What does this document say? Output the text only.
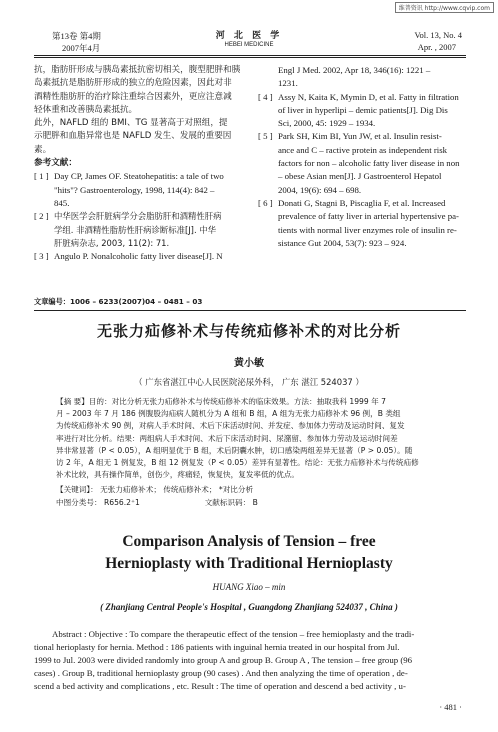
维普资讯 http://www.cqvip.com
第13卷 第4期
2007年4月
河 北 医 学
HEBEI MEDICINE
Vol. 13, No. 4
Apr. , 2007
抗，脂肪肝形成与胰岛素抵抗密切相关，腹型肥胖和胰
岛素抵抗是脂肪肝形成的独立的危险因素，因此对非
酒精性脂肪肝的治疗除注重综合因素外，更应注意减
轻体重和改善胰岛素抵抗。
此外，NAFLD 组的 BMI、TG 显著高于对照组，提
示肥胖和血脂异常也是 NAFLD 发生、发展的重要因
素。
参考文献：
[ 1 ] Day CP, James OF. Steatohepatitis: a tale of two
"hits"? Gastroenterology, 1998, 114(4): 842 –
845.
[ 2 ] 中华医学会肝脏病学分会脂肪肝和酒精性肝病
学组. 非酒精性脂肪性肝病诊断标准[J]. 中华
肝脏病杂志, 2003, 11(2): 71.
[ 3 ] Angulo P. Nonalcoholic fatty liver disease[J]. N
Engl J Med. 2002, Apr 18, 346(16): 1221 –
1231.
[ 4 ] Assy N, Kaita K, Mymin D, et al. Fatty in filtration
of liver in hyperlipi – demic patients[J]. Dig Dis
Sci, 2000, 45: 1929 – 1934.
[ 5 ] Park SH, Kim BI, Yun JW, et al. Insulin resist-
ance and C – ractive protein as independent risk
factors for non – alcoholic fatty liver disease in non
– obese Asian men[J]. J Gastroenterol Hepatol
2004, 19(6): 694 – 698.
[ 6 ] Donati G, Stagni B, Piscaglia F, et al. Increased
prevalence of fatty liver in arterial hypertensive pa-
tients with normal liver enzymes role of insulin re-
sistance Gut 2004, 53(7): 923 – 924.
文章编号：1006 – 6233(2007)04 – 0481 – 03
无张力疝修补术与传统疝修补术的对比分析
黄小敏
（ 广东省湛江中心人民医院泌尿外科， 广东 湛江 524037 ）
【摘 要】目的：对比分析无张力疝修补术与传统疝修补术的临床效果。方法：抽取我科 1999 年 7
月 – 2003 年 7 月 186 例腹股沟疝病人随机分为 A 组和 B 组，A 组为无张力疝修补术 96 例，B 类组
为传统疝修补术 90 例，对病人手术时间、术后下床活动时间、并发症、参加体力劳动及运动时间、复发
率进行对比分析。结果：两组病人手术时间、术后下床活动时间、尿潴留、参加体力劳动及运动时间差
异非常显著（P < 0.05），A 组明显优于 B 组，术后阴囊水肿，切口感染两组差异无显著（P > 0.05）。随
访 2 年，A 组无 1 例复发，B 组 12 例复发（P < 0.05）差异有显著性。结论：无张力疝修补术与传统疝修
补术比较，具有操作简单，创伤少，疼痛轻，恢复快，复发率低的优点。
【关键词】： 无张力疝修补术； 传统疝修补术； *对比分析
中图分类号： R656.2⁺1	文献标识码： B
Comparison Analysis of Tension – free
Hernioplasty with Traditional Hernioplasty
HUANG Xiao – min
( Zhanjiang Central People's Hospital , Guangdong Zhanjiang 524037 , China )
Abstract : Objective : To compare the therapeutic effect of the tension – free hemioplasty and the tradi-
tional herioplasty for hernia. Method : 186 patients with inguinal hernia treated in our hospital from Jul.
1999 to Jul. 2003 were divided randomly into group A and group B. Group A , The tension – free group (96
cases) . Group B, traditional hernioplasty group (90 cases) . And then analyzing the time of operation , de-
scend a bed activity and complications , etc. Result : The time of operation and descend a bed activity , u-
· 481 ·
